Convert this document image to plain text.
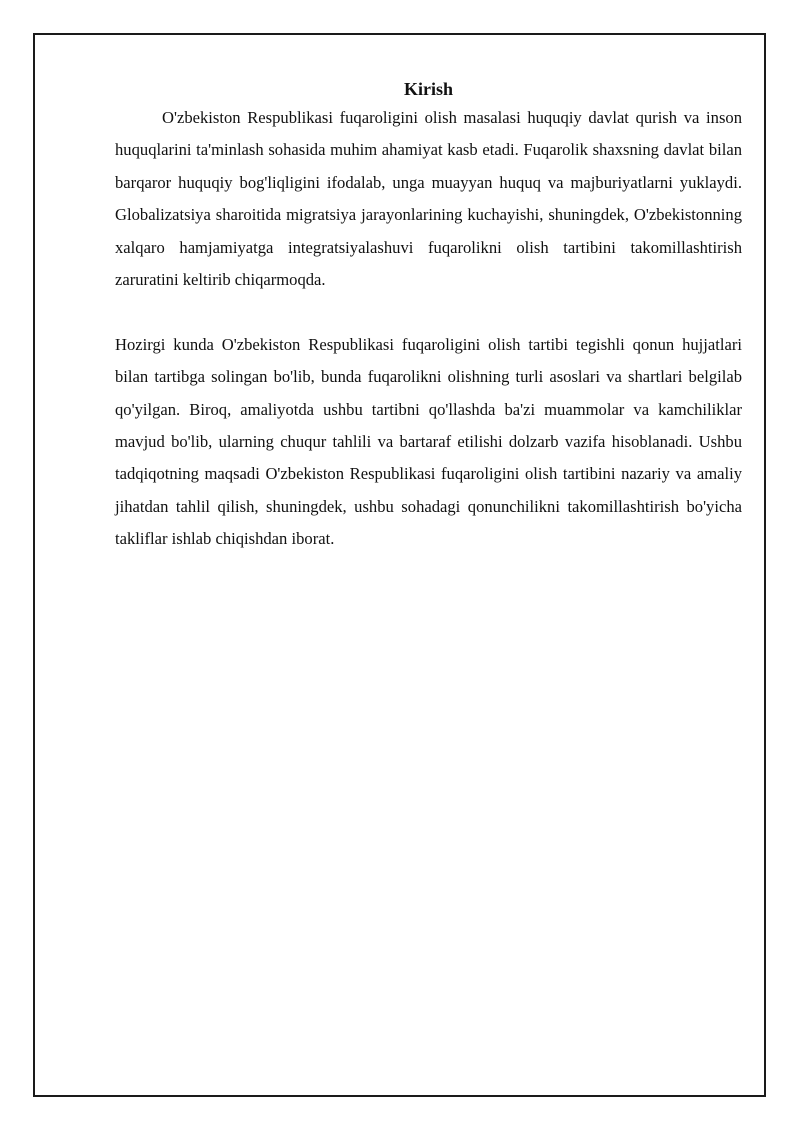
Kirish

O'zbekiston Respublikasi fuqaroligini olish masalasi huquqiy davlat qurish va inson huquqlarini ta'minlash sohasida muhim ahamiyat kasb etadi. Fuqarolik shaxsning davlat bilan barqaror huquqiy bog'liqligini ifodalab, unga muayyan huquq va majburiyatlarni yuklaydi. Globalizatsiya sharoitida migratsiya jarayonlarining kuchayishi, shuningdek, O'zbekistonning xalqaro hamjamiyatga integratsiyalashuvi fuqarolikni olish tartibini takomillashtirish zaruratini keltirib chiqarmoqda.

Hozirgi kunda O'zbekiston Respublikasi fuqaroligini olish tartibi tegishli qonun hujjatlari bilan tartibga solingan bo'lib, bunda fuqarolikni olishning turli asoslari va shartlari belgilab qo'yilgan. Biroq, amaliyotda ushbu tartibni qo'llashda ba'zi muammolar va kamchiliklar mavjud bo'lib, ularning chuqur tahlili va bartaraf etilishi dolzarb vazifa hisoblanadi. Ushbu tadqiqotning maqsadi O'zbekiston Respublikasi fuqaroligini olish tartibini nazariy va amaliy jihatdan tahlil qilish, shuningdek, ushbu sohadagi qonunchilikni takomillashtirish bo'yicha takliflar ishlab chiqishdan iborat.
